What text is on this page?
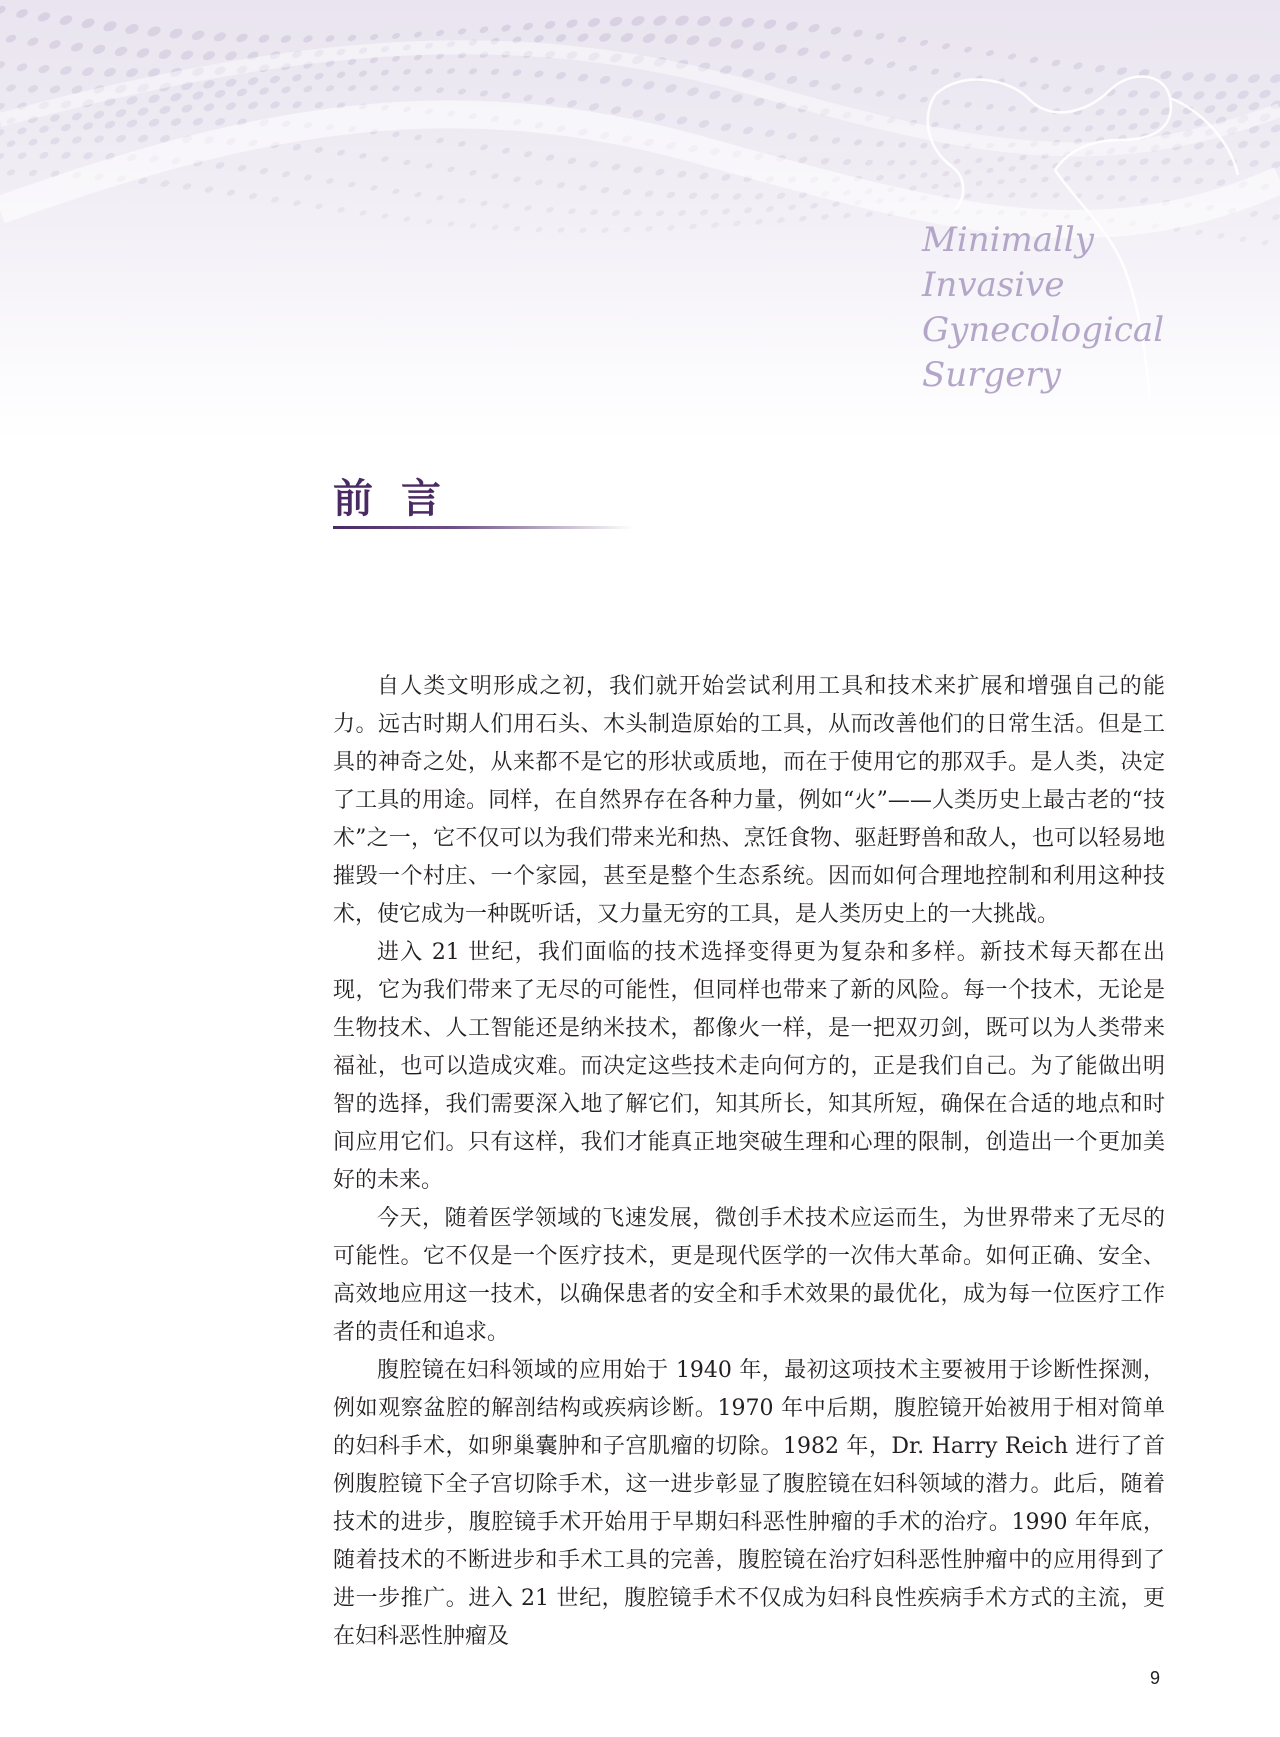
Minimally
Invasive
Gynecological
Surgery
前言

自人类文明形成之初，我们就开始尝试利用工具和技术来扩展和增强自己的能力。远古时期人们用石头、木头制造原始的工具，从而改善他们的日常生活。但是工具的神奇之处，从来都不是它的形状或质地，而在于使用它的那双手。是人类，决定了工具的用途。同样，在自然界存在各种力量，例如“火”——人类历史上最古老的“技术”之一，它不仅可以为我们带来光和热、烹饪食物、驱赶野兽和敌人，也可以轻易地摧毁一个村庄、一个家园，甚至是整个生态系统。因而如何合理地控制和利用这种技术，使它成为一种既听话，又力量无穷的工具，是人类历史上的一大挑战。

进入 21 世纪，我们面临的技术选择变得更为复杂和多样。新技术每天都在出现，它为我们带来了无尽的可能性，但同样也带来了新的风险。每一个技术，无论是生物技术、人工智能还是纳米技术，都像火一样，是一把双刃剑，既可以为人类带来福祉，也可以造成灾难。而决定这些技术走向何方的，正是我们自己。为了能做出明智的选择，我们需要深入地了解它们，知其所长，知其所短，确保在合适的地点和时间应用它们。只有这样，我们才能真正地突破生理和心理的限制，创造出一个更加美好的未来。

今天，随着医学领域的飞速发展，微创手术技术应运而生，为世界带来了无尽的可能性。它不仅是一个医疗技术，更是现代医学的一次伟大革命。如何正确、安全、高效地应用这一技术，以确保患者的安全和手术效果的最优化，成为每一位医疗工作者的责任和追求。

腹腔镜在妇科领域的应用始于 1940 年，最初这项技术主要被用于诊断性探测，例如观察盆腔的解剖结构或疾病诊断。1970 年中后期，腹腔镜开始被用于相对简单的妇科手术，如卵巢囊肿和子宫肌瘤的切除。1982 年，Dr. Harry Reich 进行了首例腹腔镜下全子宫切除手术，这一进步彰显了腹腔镜在妇科领域的潜力。此后，随着技术的进步，腹腔镜手术开始用于早期妇科恶性肿瘤的手术的治疗。1990 年年底，随着技术的不断进步和手术工具的完善，腹腔镜在治疗妇科恶性肿瘤中的应用得到了进一步推广。进入 21 世纪，腹腔镜手术不仅成为妇科良性疾病手术方式的主流，更在妇科恶性肿瘤及

9
